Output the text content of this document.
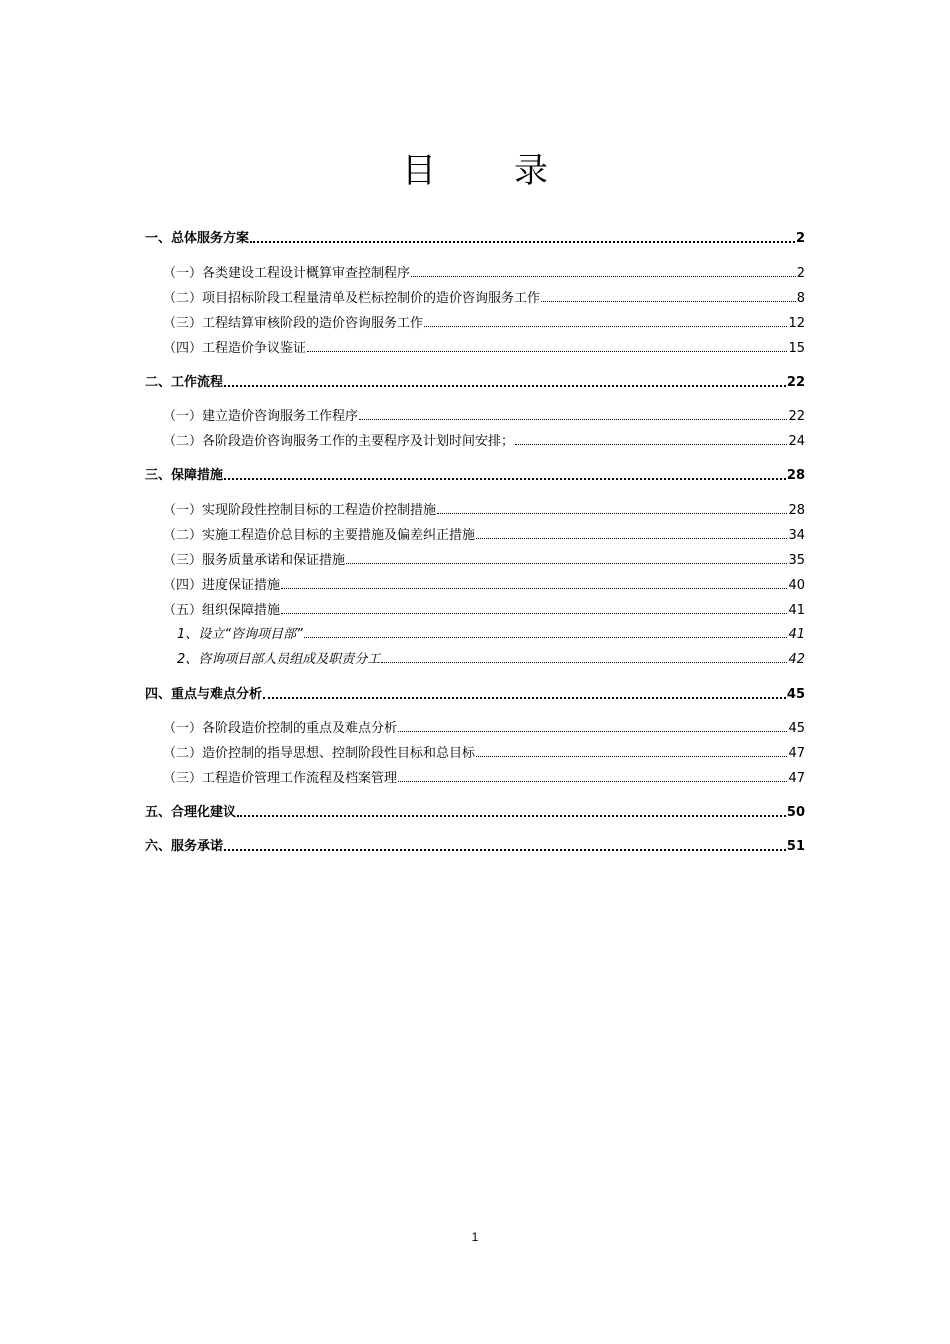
目 录
一、总体服务方案	2
（一）各类建设工程设计概算审查控制程序	2
（二）项目招标阶段工程量清单及栏标控制价的造价咨询服务工作	8
（三）工程结算审核阶段的造价咨询服务工作	12
（四）工程造价争议鉴证	15
二、工作流程	22
（一）建立造价咨询服务工作程序	22
（二）各阶段造价咨询服务工作的主要程序及计划时间安排；	24
三、保障措施	28
（一）实现阶段性控制目标的工程造价控制措施	28
（二）实施工程造价总目标的主要措施及偏差纠正措施	34
（三）服务质量承诺和保证措施	35
（四）进度保证措施	40
（五）组织保障措施	41
1、设立“咨询项目部”	41
2、咨询项目部人员组成及职责分工	42
四、重点与难点分析	45
（一）各阶段造价控制的重点及难点分析	45
（二）造价控制的指导思想、控制阶段性目标和总目标	47
（三）工程造价管理工作流程及档案管理	47
五、合理化建议	50
六、服务承诺	51
1
